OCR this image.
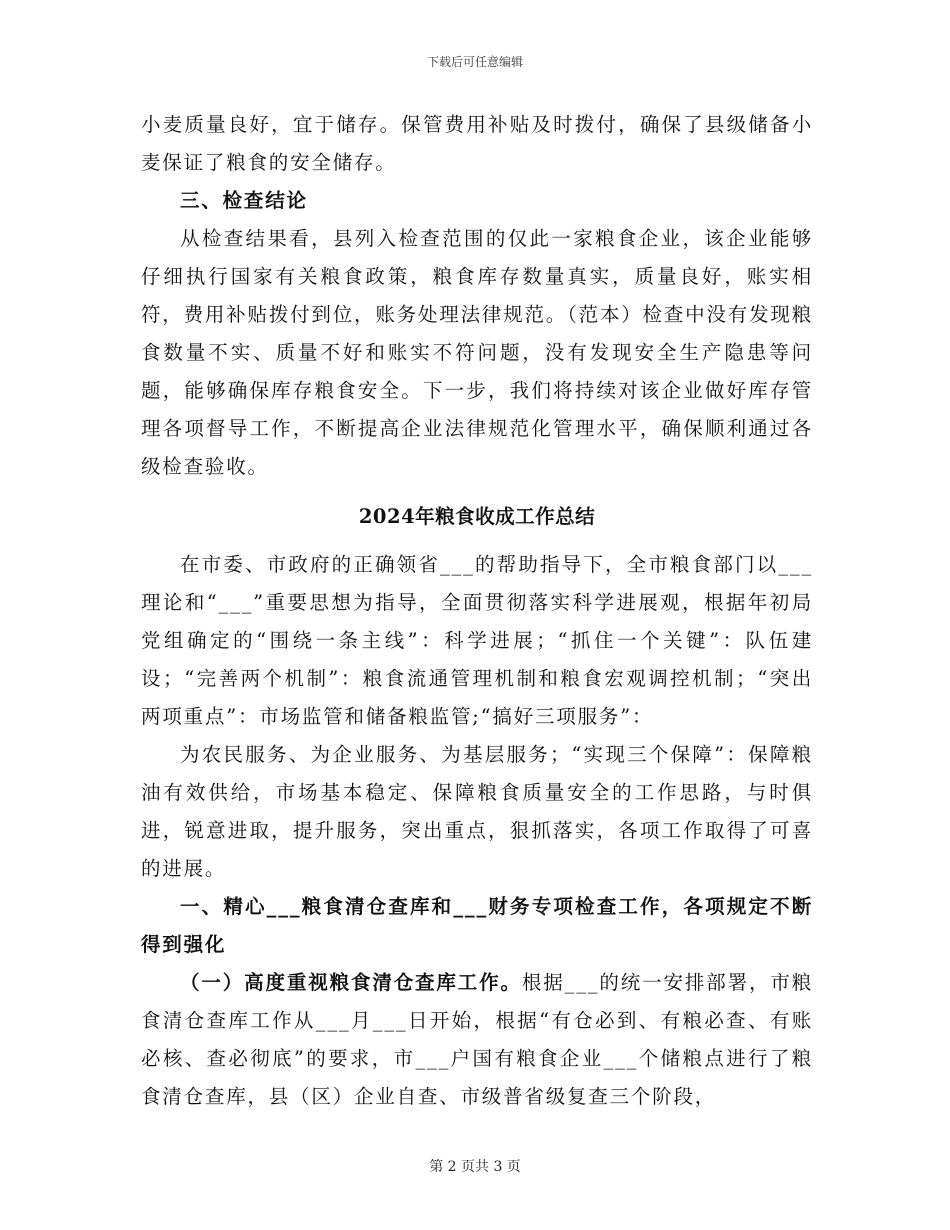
下载后可任意编辑

小麦质量良好，宜于储存。保管费用补贴及时拨付，确保了县级储备小麦保证了粮食的安全储存。

三、检查结论

从检查结果看，县列入检查范围的仅此一家粮食企业，该企业能够仔细执行国家有关粮食政策，粮食库存数量真实，质量良好，账实相符，费用补贴拨付到位，账务处理法律规范。（范本）检查中没有发现粮食数量不实、质量不好和账实不符问题，没有发现安全生产隐患等问题，能够确保库存粮食安全。下一步，我们将持续对该企业做好库存管理各项督导工作，不断提高企业法律规范化管理水平，确保顺利通过各级检查验收。

2024年粮食收成工作总结

在市委、市政府的正确领省___的帮助指导下，全市粮食部门以___理论和“___”重要思想为指导，全面贯彻落实科学进展观，根据年初局党组确定的“围绕一条主线”：科学进展；“抓住一个关键”：队伍建设；“完善两个机制”：粮食流通管理机制和粮食宏观调控机制；“突出两项重点”：市场监管和储备粮监管;“搞好三项服务”：

为农民服务、为企业服务、为基层服务；“实现三个保障”：保障粮油有效供给，市场基本稳定、保障粮食质量安全的工作思路，与时俱进，锐意进取，提升服务，突出重点，狠抓落实，各项工作取得了可喜的进展。

一、精心___粮食清仓查库和___财务专项检查工作，各项规定不断得到强化

（一）高度重视粮食清仓查库工作。根据___的统一安排部署，市粮食清仓查库工作从___月___日开始，根据“有仓必到、有粮必查、有账必核、查必彻底”的要求，市___户国有粮食企业___个储粮点进行了粮食清仓查库，县（区）企业自查、市级普省级复查三个阶段，

第 2 页共 3 页
